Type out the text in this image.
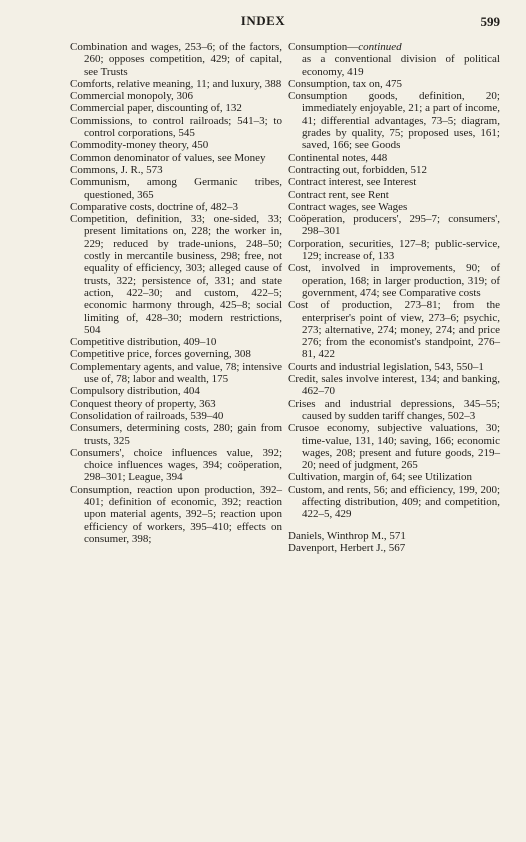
INDEX	599
Combination and wages, 253–6; of the factors, 260; opposes competition, 429; of capital, see Trusts
Comforts, relative meaning, 11; and luxury, 388
Commercial monopoly, 306
Commercial paper, discounting of, 132
Commissions, to control railroads; 541–3; to control corporations, 545
Commodity-money theory, 450
Common denominator of values, see Money
Commons, J. R., 573
Communism, among Germanic tribes, questioned, 365
Comparative costs, doctrine of, 482–3
Competition, definition, 33; one-sided, 33; present limitations on, 228; the worker in, 229; reduced by trade-unions, 248–50; costly in mercantile business, 298; free, not equality of efficiency, 303; alleged cause of trusts, 322; persistence of, 331; and state action, 422–30; and custom, 422–5; economic harmony through, 425–8; social limiting of, 428–30; modern restrictions, 504
Competitive distribution, 409–10
Competitive price, forces governing, 308
Complementary agents, and value, 78; intensive use of, 78; labor and wealth, 175
Compulsory distribution, 404
Conquest theory of property, 363
Consolidation of railroads, 539–40
Consumers, determining costs, 280; gain from trusts, 325
Consumers', choice influences value, 392; choice influences wages, 394; coöperation, 298–301; League, 394
Consumption, reaction upon production, 392–401; definition of economic, 392; reaction upon material agents, 392–5; reaction upon efficiency of workers, 395–410; effects on consumer, 398;
Consumption—continued
as a conventional division of political economy, 419
Consumption, tax on, 475
Consumption goods, definition, 20; immediately enjoyable, 21; a part of income, 41; differential advantages, 73–5; diagram, grades by quality, 75; proposed uses, 161; saved, 166; see Goods
Continental notes, 448
Contracting out, forbidden, 512
Contract interest, see Interest
Contract rent, see Rent
Contract wages, see Wages
Coöperation, producers', 295–7; consumers', 298–301
Corporation, securities, 127–8; public-service, 129; increase of, 133
Cost, involved in improvements, 90; of operation, 168; in larger production, 319; of government, 474; see Comparative costs
Cost of production, 273–81; from the enterpriser's point of view, 273–6; psychic, 273; alternative, 274; money, 274; and price 276; from the economist's standpoint, 276–81, 422
Courts and industrial legislation, 543, 550–1
Credit, sales involve interest, 134; and banking, 462–70
Crises and industrial depressions, 345–55; caused by sudden tariff changes, 502–3
Crusoe economy, subjective valuations, 30; time-value, 131, 140; saving, 166; economic wages, 208; present and future goods, 219–20; need of judgment, 265
Cultivation, margin of, 64; see Utilization
Custom, and rents, 56; and efficiency, 199, 200; affecting distribution, 409; and competition, 422–5, 429
Daniels, Winthrop M., 571
Davenport, Herbert J., 567
